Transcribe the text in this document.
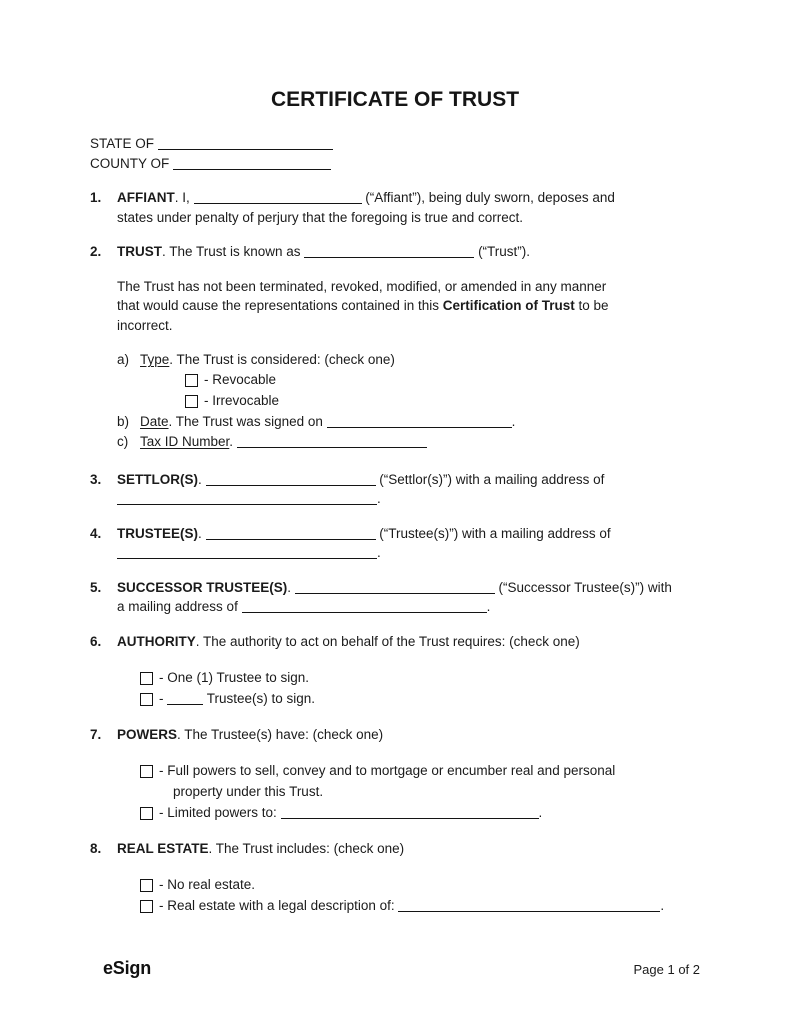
CERTIFICATE OF TRUST
STATE OF
COUNTY OF
1.	AFFIANT. I,	(“Affiant”), being duly sworn, deposes and
states under penalty of perjury that the foregoing is true and correct.
2.	TRUST. The Trust is known as	(“Trust”).
The Trust has not been terminated, revoked, modified, or amended in any manner
that would cause the representations contained in this Certification of Trust to be
incorrect.
a) Type. The Trust is considered: (check one)
- Revocable
- Irrevocable
b) Date. The Trust was signed on	.
c) Tax ID Number.
3.	SETTLOR(S).	(“Settlor(s)”) with a mailing address of
.
4.	TRUSTEE(S).	(“Trustee(s)”) with a mailing address of
.
5.	SUCCESSOR TRUSTEE(S).	(“Successor Trustee(s)”) with
a mailing address of	.
6.	AUTHORITY. The authority to act on behalf of the Trust requires: (check one)
- One (1) Trustee to sign.
-	Trustee(s) to sign.
7.	POWERS. The Trustee(s) have: (check one)
- Full powers to sell, convey and to mortgage or encumber real and personal
property under this Trust.
- Limited powers to:	.
8.	REAL ESTATE. The Trust includes: (check one)
- No real estate.
- Real estate with a legal description of:	.
eSign	Page 1 of 2
